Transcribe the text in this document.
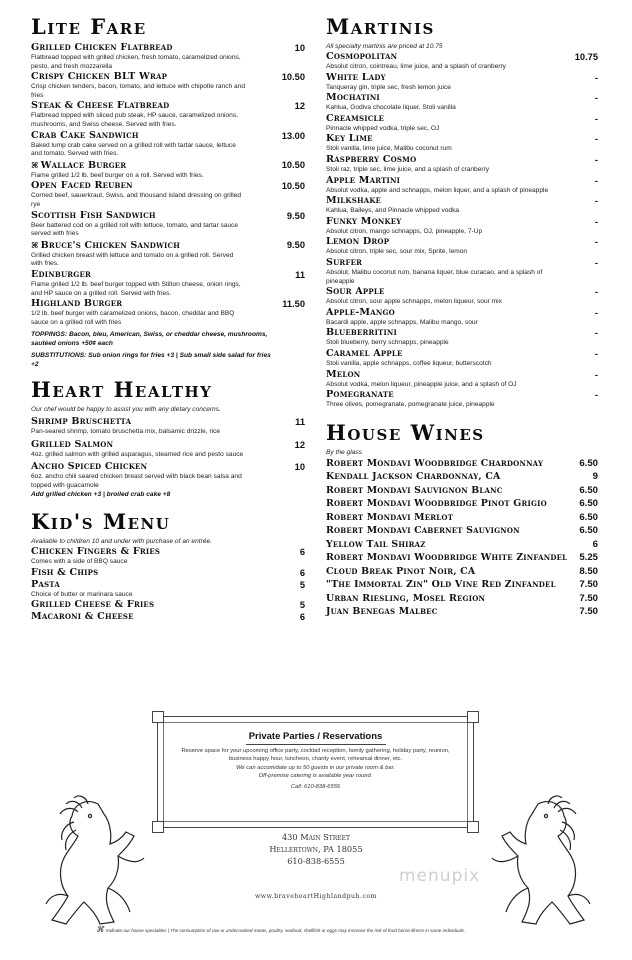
Lite Fare
Grilled Chicken Flatbread	10
Flatbread topped with grilled chicken, fresh tomato, caramelized onions, pesto, and fresh mozzarella
Crispy Chicken BLT Wrap	10.50
Crisp chicken tenders, bacon, tomato, and lettuce with chipotle ranch and fries
Steak & Cheese Flatbread	12
Flatbread topped with sliced pub steak, HP sauce, caramelized onions, mushrooms, and Swiss cheese. Served with fries.
Crab Cake Sandwich	13.00
Baked lump crab cake served on a grilled roll with tartar sauce, lettuce and tomato. Served with fries.
⌘ Wallace Burger	10.50
Flame grilled 1/2 lb. beef burger on a roll. Served with fries.
Open Faced Reuben	10.50
Corned beef, sauerkraut, Swiss, and thousand island dressing on grilled rye
Scottish Fish Sandwich	9.50
Beer battered cod on a grilled roll with lettuce, tomato, and tartar sauce served with fries
⌘ Bruce's Chicken Sandwich	9.50
Grilled chicken breast with lettuce and tomato on a grilled roll. Served with fries.
Edinburger	11
Flame grilled 1/2 lb. beef burger topped with Stilton cheese, onion rings, and HP sauce on a grilled roll. Served with fries.
Highland Burger	11.50
1/2 lb. beef burger with caramelized onions, bacon, cheddar and BBQ sauce on a grilled roll with fries
TOPPINGS: Bacon, bleu, American, Swiss, or cheddar cheese, mushrooms, sautéed onions +50¢ each
SUBSTITUTIONS: Sub onion rings for fries +3 | Sub small side salad for fries +2
Heart Healthy
Our chef would be happy to assist you with any dietary concerns.
Shrimp Bruschetta	11
Pan-seared shrimp, tomato bruschetta mix, balsamic drizzle, rice
Grilled Salmon	12
4oz. grilled salmon with grilled asparagus, steamed rice and pesto sauce
Ancho Spiced Chicken	10
6oz. ancho chili seared chicken breast served with black bean salsa and topped with guacamole
Add grilled chicken +3 | broiled crab cake +8
Kid's Menu
Available to children 10 and under with purchase of an entrée.
Chicken Fingers & Fries	6
Comes with a side of BBQ sauce
Fish & Chips	6
Pasta	5
Choice of butter or marinara sauce
Grilled Cheese & Fries	5
Macaroni & Cheese	6
Martinis
All specialty martinis are priced at 10.75
Cosmopolitan	10.75
Absolut citron, cointreau, lime juice, and a splash of cranberry
White Lady	-
Tanqueray gin, triple sec, fresh lemon juice
Mochatini	-
Kahlua, Godiva chocolate liquer, Stoli vanilla
Creamsicle	-
Pinnacle whipped vodka, triple sec, OJ
Key Lime	-
Stoli vanilla, lime juice, Malibu coconut rum
Raspberry Cosmo	-
Stoli raz, triple sec, lime juice, and a splash of cranberry
Apple Martini	-
Absolut vodka, apple and schnapps, melon liquer, and a splash of pineapple
Milkshake	-
Kahlua, Baileys, and Pinnacle whipped vodka
Funky Monkey	-
Absolut citron, mango schnapps, OJ, pineapple, 7-Up
Lemon Drop	-
Absolut citron, triple sec, sour mix, Sprite, lemon
Surfer	-
Absolut, Malibu coconut rum, banana liquer, blue curacao, and a splash of pineapple
Sour Apple	-
Absolut citron, sour apple schnapps, melon liqueur, sour mix
Apple-Mango	-
Bacardi apple, apple schnapps, Malibu mango, sour
Blueberritini	-
Stoli blueberry, berry schnapps, pineapple
Caramel Apple	-
Stoli vanilla, apple schnapps, coffee liqueur, butterscotch
Melon	-
Absolut vodka, melon liqueur, pineapple juice, and a splash of OJ
Pomegranate	-
Three olives, pomegranate, pomegranate juice, pineapple
House Wines
By the glass
Robert Mondavi Woodbridge Chardonnay	6.50
Kendall Jackson Chardonnay, CA	9
Robert Mondavi Sauvignon Blanc	6.50
Robert Mondavi Woodbridge Pinot Grigio	6.50
Robert Mondavi Merlot	6.50
Robert Mondavi Cabernet Sauvignon	6.50
Yellow Tail Shiraz	6
Robert Mondavi Woodbridge White Zinfandel	5.25
Cloud Break Pinot Noir, CA	8.50
"The Immortal Zin" Old Vine Red Zinfandel	7.50
Urban Riesling, Mosel Region	7.50
Juan Benegas Malbec	7.50
Private Parties / Reservations
Reserve space for your upcoming office party, cocktail reception, family gathering, holiday party, reunion, business happy hour, luncheon, charity event, rehearsal dinner, etc.
We can accomidate up to 50 guests in our private room & bar.
Off-premise catering is available year round.
Call: 610-838-6555
430 Main Street
Hellertown, PA 18055
610-838-6555
menupix
www.braveheartHighlandpub.com
⌘ Indicate our house specialties | The consumption of raw or undercooked meats, poultry, seafood, shellfish or eggs may increase the risk of food borne illness in some individuals.
